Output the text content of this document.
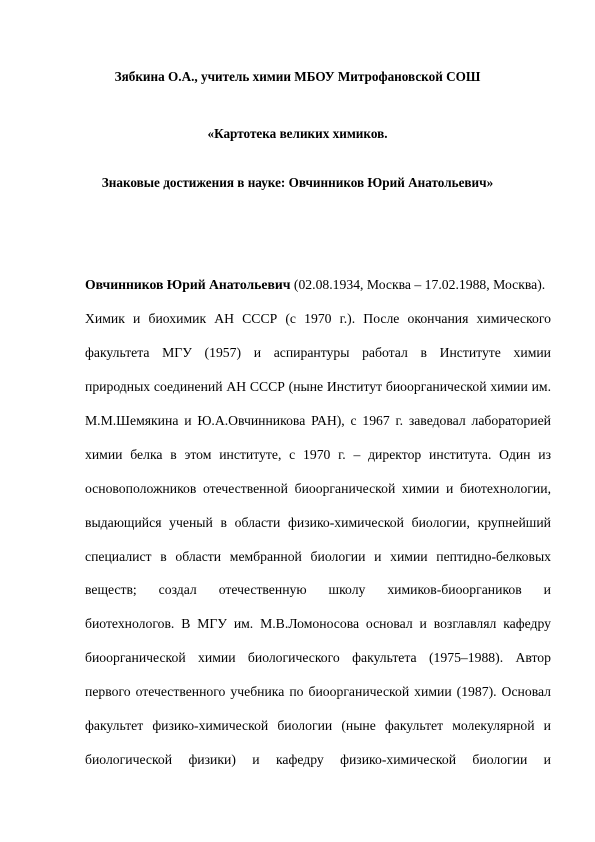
Зябкина О.А., учитель химии МБОУ Митрофановской СОШ
«Картотека великих химиков.
Знаковые достижения в науке: Овчинников Юрий Анатольевич»
Овчинников Юрий Анатольевич (02.08.1934, Москва – 17.02.1988, Москва).
Химик и биохимик АН СССР (с 1970 г.). После окончания химического
факультета МГУ (1957) и аспирантуры работал в Институте химии
природных соединений АН СССР (ныне Институт биоорганической химии им.
М.М.Шемякина и Ю.А.Овчинникова РАН), с 1967 г. заведовал лабораторией
химии белка в этом институте, с 1970 г. – директор института. Один из
основоположников отечественной биоорганической химии и биотехнологии,
выдающийся ученый в области физико-химической биологии, крупнейший
специалист в области мембранной биологии и химии пептидно-белковых
веществ; создал отечественную школу химиков-биооргаников и
биотехнологов. В МГУ им. М.В.Ломоносова основал и возглавлял кафедру
биоорганической химии биологического факультета (1975–1988). Автор
первого отечественного учебника по биоорганической химии (1987). Основал
факультет физико-химической биологии (ныне факультет молекулярной и
биологической физики) и кафедру физико-химической биологии и
